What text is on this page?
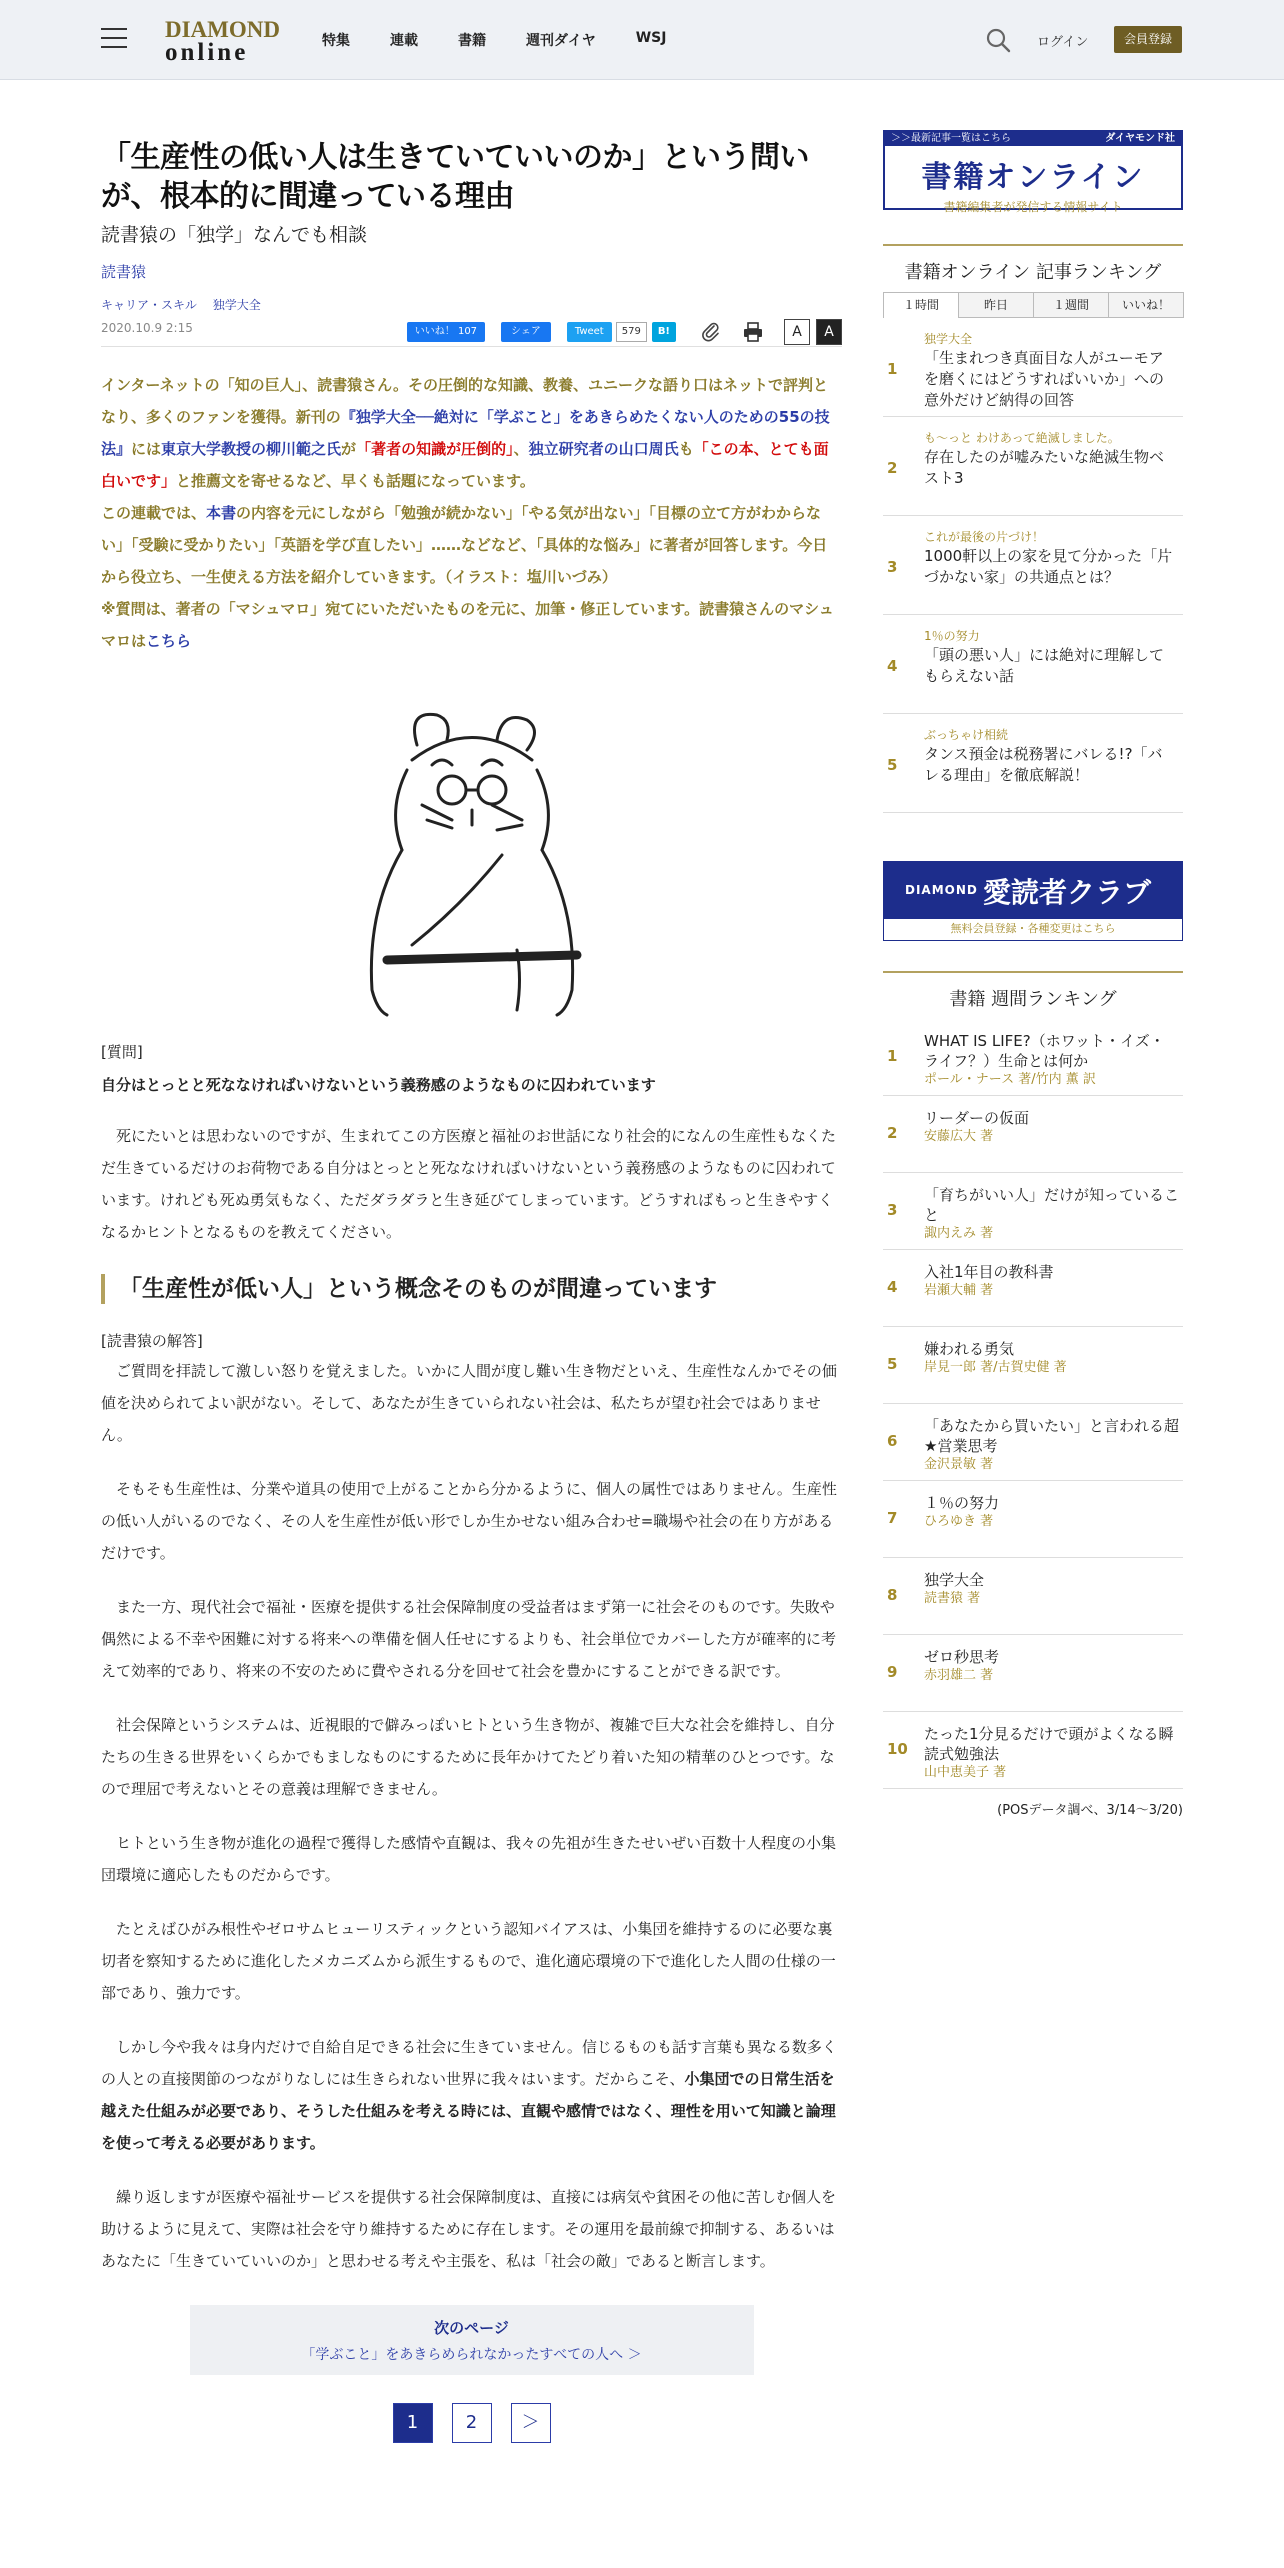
DIAMOND
online	特集	連載	書籍	週刊ダイヤ	WSJ	ログイン	会員登録
「生産性の低い人は生きていていいのか」という問いが、根本的に間違っている理由
読書猿の「独学」なんでも相談
読書猿
キャリア・スキル 独学大全
2020.10.9 2:15	いいね！ 107	シェア	Tweet	579	B!	A	A

インターネットの「知の巨人」、読書猿さん。その圧倒的な知識、教養、ユニークな語り口はネットで評判となり、多くのファンを獲得。新刊の『独学大全──絶対に「学ぶこと」をあきらめたくない人のための55の技法』には東京大学教授の柳川範之氏が「著者の知識が圧倒的」、独立研究者の山口周氏も「この本、とても面白いです」と推薦文を寄せるなど、早くも話題になっています。

この連載では、本書の内容を元にしながら「勉強が続かない」「やる気が出ない」「目標の立て方がわからない」「受験に受かりたい」「英語を学び直したい」……などなど、「具体的な悩み」に著者が回答します。今日から役立ち、一生使える方法を紹介していきます。（イラスト：塩川いづみ）

※質問は、著者の「マシュマロ」宛てにいただいたものを元に、加筆・修正しています。読書猿さんのマシュマロはこちら

[質問]
自分はとっとと死ななければいけないという義務感のようなものに囚われています

死にたいとは思わないのですが、生まれてこの方医療と福祉のお世話になり社会的になんの生産性もなくただ生きているだけのお荷物である自分はとっとと死ななければいけないという義務感のようなものに囚われています。けれども死ぬ勇気もなく、ただダラダラと生き延びてしまっています。どうすればもっと生きやすくなるかヒントとなるものを教えてください。

「生産性が低い人」という概念そのものが間違っています
[読書猿の解答]

ご質問を拝読して激しい怒りを覚えました。いかに人間が度し難い生き物だといえ、生産性なんかでその価値を決められてよい訳がない。そして、あなたが生きていられない社会は、私たちが望む社会ではありません。

そもそも生産性は、分業や道具の使用で上がることから分かるように、個人の属性ではありません。生産性の低い人がいるのでなく、その人を生産性が低い形でしか生かせない組み合わせ=職場や社会の在り方があるだけです。

また一方、現代社会で福祉・医療を提供する社会保障制度の受益者はまず第一に社会そのものです。失敗や偶然による不幸や困難に対する将来への準備を個人任せにするよりも、社会単位でカバーした方が確率的に考えて効率的であり、将来の不安のために費やされる分を回せて社会を豊かにすることができる訳です。

社会保障というシステムは、近視眼的で僻みっぽいヒトという生き物が、複雑で巨大な社会を維持し、自分たちの生きる世界をいくらかでもましなものにするために長年かけてたどり着いた知の精華のひとつです。なので理屈で考えないとその意義は理解できません。

ヒトという生き物が進化の過程で獲得した感情や直観は、我々の先祖が生きたせいぜい百数十人程度の小集団環境に適応したものだからです。

たとえばひがみ根性やゼロサムヒューリスティックという認知バイアスは、小集団を維持するのに必要な裏切者を察知するために進化したメカニズムから派生するもので、進化適応環境の下で進化した人間の仕様の一部であり、強力です。

しかし今や我々は身内だけで自給自足できる社会に生きていません。信じるものも話す言葉も異なる数多くの人との直接関節のつながりなしには生きられない世界に我々はいます。だからこそ、小集団での日常生活を越えた仕組みが必要であり、そうした仕組みを考える時には、直観や感情ではなく、理性を用いて知識と論理を使って考える必要があります。

繰り返しますが医療や福祉サービスを提供する社会保障制度は、直接には病気や貧困その他に苦しむ個人を助けるように見えて、実際は社会を守り維持するために存在します。その運用を最前線で抑制する、あるいはあなたに「生きていていいのか」と思わせる考えや主張を、私は「社会の敵」であると断言します。

次のページ
「学ぶこと」をあきらめられなかったすべての人へ ＞
1	2	＞
＞＞最新記事一覧はこちら	ダイヤモンド社
書籍オンライン
書籍編集者が発信する情報サイト
書籍オンライン 記事ランキング
１時間	昨日	１週間	いいね！
1
独学大全
「生まれつき真面目な人がユーモアを磨くにはどうすればいいか」への意外だけど納得の回答
2
も〜っと わけあって絶滅しました。
存在したのが嘘みたいな絶滅生物ベスト3
3
これが最後の片づけ！
1000軒以上の家を見て分かった「片づかない家」の共通点とは？
4
1％の努力
「頭の悪い人」には絶対に理解してもらえない話
5
ぶっちゃけ相続
タンス預金は税務署にバレる!?「バレる理由」を徹底解説！
DIAMOND 愛読者クラブ
無料会員登録・各種変更はこちら
書籍 週間ランキング
1
WHAT IS LIFE?（ホワット・イズ・ライフ？）生命とは何か
ポール・ナース 著/竹内 薫 訳
2
リーダーの仮面
安藤広大 著
3
「育ちがいい人」だけが知っていること
諏内えみ 著
4
入社1年目の教科書
岩瀬大輔 著
5
嫌われる勇気
岸見一郎 著/古賀史健 著
6
「あなたから買いたい」と言われる超★営業思考
金沢景敏 著
7
１％の努力
ひろゆき 著
8
独学大全
読書猿 著
9
ゼロ秒思考
赤羽雄二 著
10
たった1分見るだけで頭がよくなる瞬読式勉強法
山中恵美子 著
(POSデータ調べ、3/14～3/20)
